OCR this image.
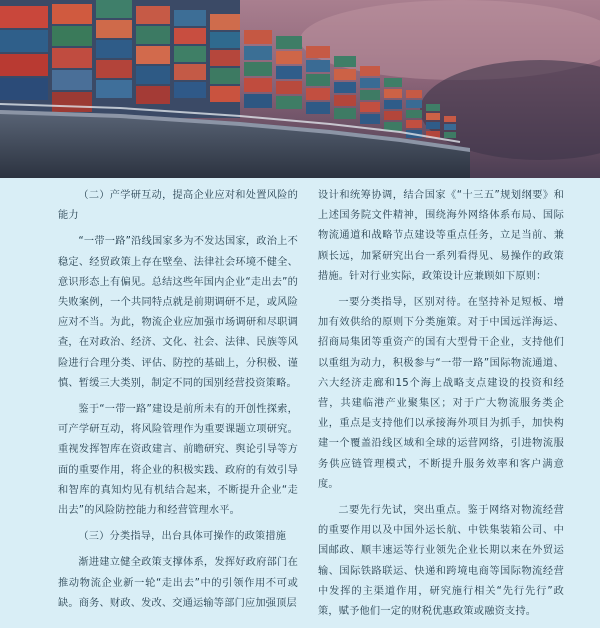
（二）产学研互动，提高企业应对和处置风险的能力

“一带一路”沿线国家多为不发达国家，政治上不稳定、经贸政策上存在壁垒、法律社会环境不健全、意识形态上有偏见。总结这些年国内企业“走出去”的失败案例，一个共同特点就是前期调研不足，或风险应对不当。为此，物流企业应加强市场调研和尽职调查，在对政治、经济、文化、社会、法律、民族等风险进行合理分类、评估、防控的基础上，分积极、谨慎、暂缓三大类别，制定不同的国别经营投资策略。

鉴于“一带一路”建设是前所未有的开创性探索，可产学研互动，将风险管理作为重要课题立项研究。重视发挥智库在资政建言、前瞻研究、舆论引导等方面的重要作用，将企业的积极实践、政府的有效引导和智库的真知灼见有机结合起来，不断提升企业“走出去”的风险防控能力和经营管理水平。

（三）分类指导，出台具体可操作的政策措施

渐进建立健全政策支撑体系，发挥好政府部门在推动物流企业新一轮“走出去”中的引领作用不可或缺。商务、财政、发改、交通运输等部门应加强顶层

设计和统筹协调，结合国家《“十三五”规划纲要》和上述国务院文件精神，围绕海外网络体系布局、国际物流通道和战略节点建设等重点任务，立足当前、兼顾长远，加紧研究出台一系列看得见、易操作的政策措施。针对行业实际，政策设计应兼顾如下原则：

一要分类指导，区别对待。在坚持补足短板、增加有效供给的原则下分类施策。对于中国远洋海运、招商局集团等重资产的国有大型骨干企业，支持他们以重组为动力，积极参与“一带一路”国际物流通道、六大经济走廊和15个海上战略支点建设的投资和经营，共建临港产业聚集区；对于广大物流服务类企业，重点是支持他们以承接海外项目为抓手，加快构建一个覆盖沿线区域和全球的运营网络，引进物流服务供应链管理模式，不断提升服务效率和客户满意度。

二要先行先试，突出重点。鉴于网络对物流经营的重要作用以及中国外运长航、中铁集装箱公司、中国邮政、顺丰速运等行业领先企业长期以来在外贸运输、国际铁路联运、快递和跨境电商等国际物流经营中发挥的主渠道作用，研究施行相关“先行先行”政策，赋予他们一定的财税优惠政策或融资支持。
